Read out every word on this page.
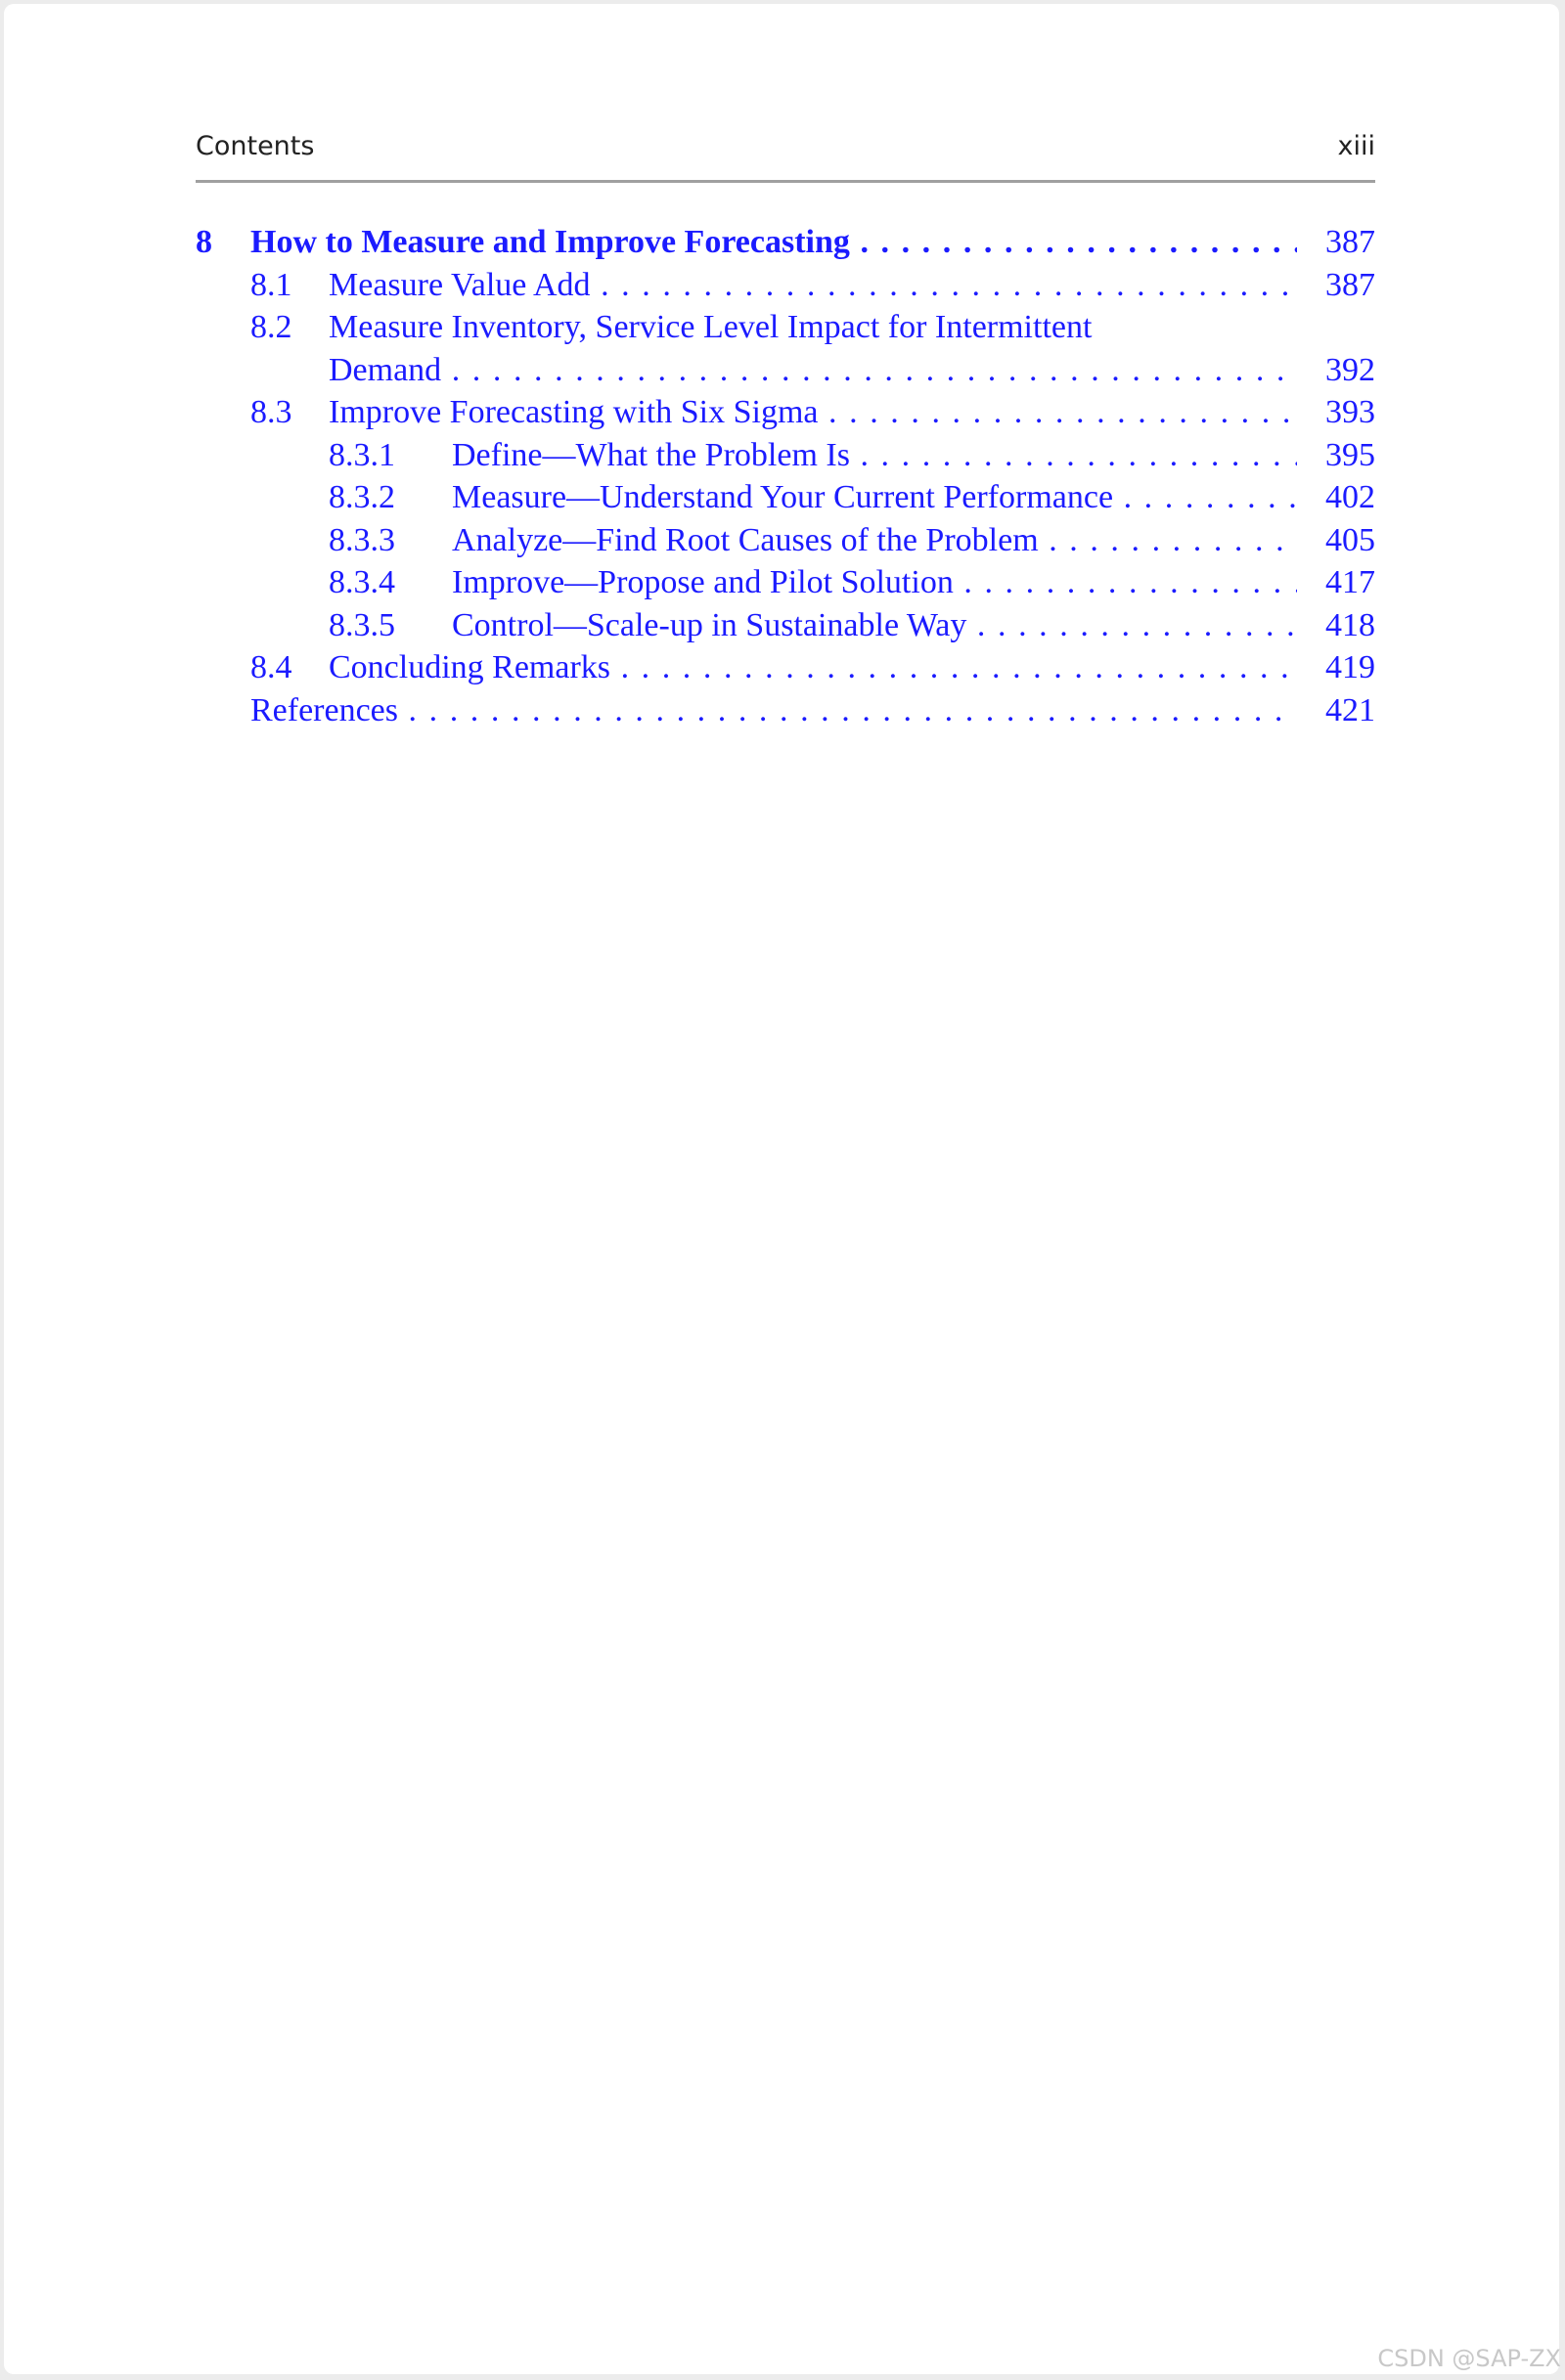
Contents	xiii
8 How to Measure and Improve Forecasting . . .	387
8.1 Measure Value Add . . .	387
8.2 Measure Inventory, Service Level Impact for Intermittent
Demand . . .	392
8.3 Improve Forecasting with Six Sigma . . .	393
8.3.1 Define—What the Problem Is . . .	395
8.3.2 Measure—Understand Your Current Performance . . .	402
8.3.3 Analyze—Find Root Causes of the Problem . . .	405
8.3.4 Improve—Propose and Pilot Solution . . .	417
8.3.5 Control—Scale-up in Sustainable Way . . .	418
8.4 Concluding Remarks . . .	419
References . . .	421
CSDN @SAP-ZX
